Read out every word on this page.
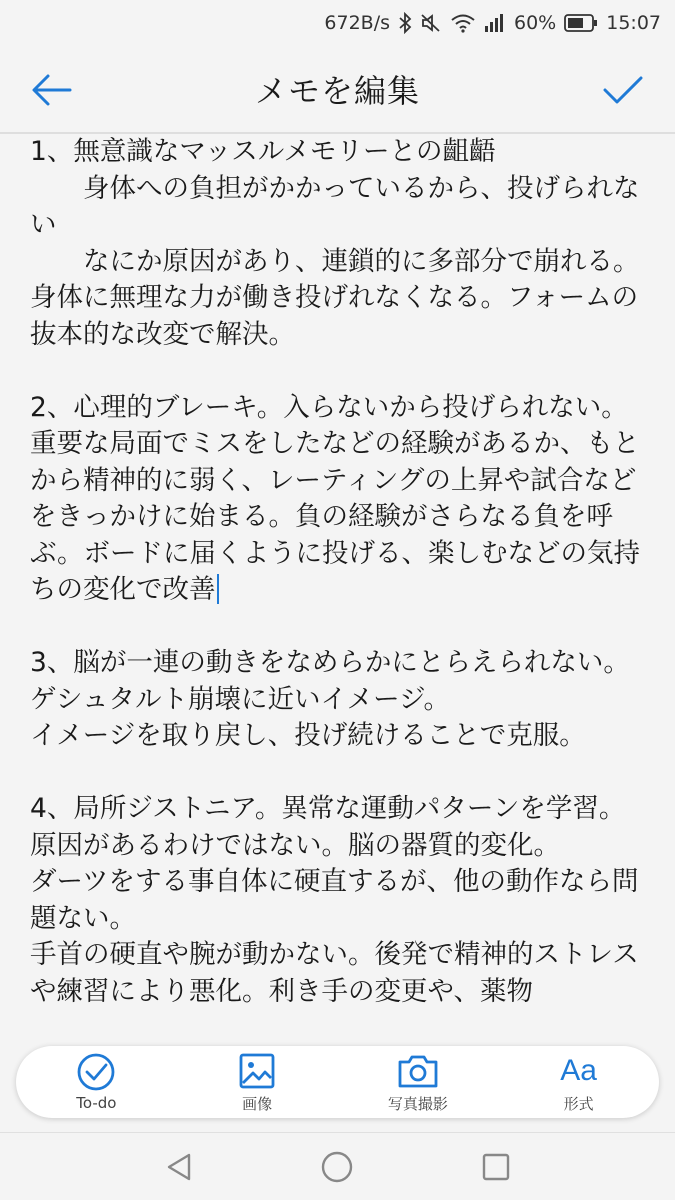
672B/s	60%	15:07
メモを編集
1、無意識なマッスルメモリーとの齟齬
　　身体への負担がかかっているから、投げられない
　　なにか原因があり、連鎖的に多部分で崩れる。身体に無理な力が働き投げれなくなる。フォームの抜本的な改変で解決。

2、心理的ブレーキ。入らないから投げられない。重要な局面でミスをしたなどの経験があるか、もとから精神的に弱く、レーティングの上昇や試合などをきっかけに始まる。負の経験がさらなる負を呼ぶ。ボードに届くように投げる、楽しむなどの気持ちの変化で改善

3、脳が一連の動きをなめらかにとらえられない。ゲシュタルト崩壊に近いイメージ。
イメージを取り戻し、投げ続けることで克服。

4、局所ジストニア。異常な運動パターンを学習。原因があるわけではない。脳の器質的変化。
ダーツをする事自体に硬直するが、他の動作なら問題ない。
手首の硬直や腕が動かない。後発で精神的ストレスや練習により悪化。利き手の変更や、薬物
To-do	画像	写真撮影
Aa
形式
